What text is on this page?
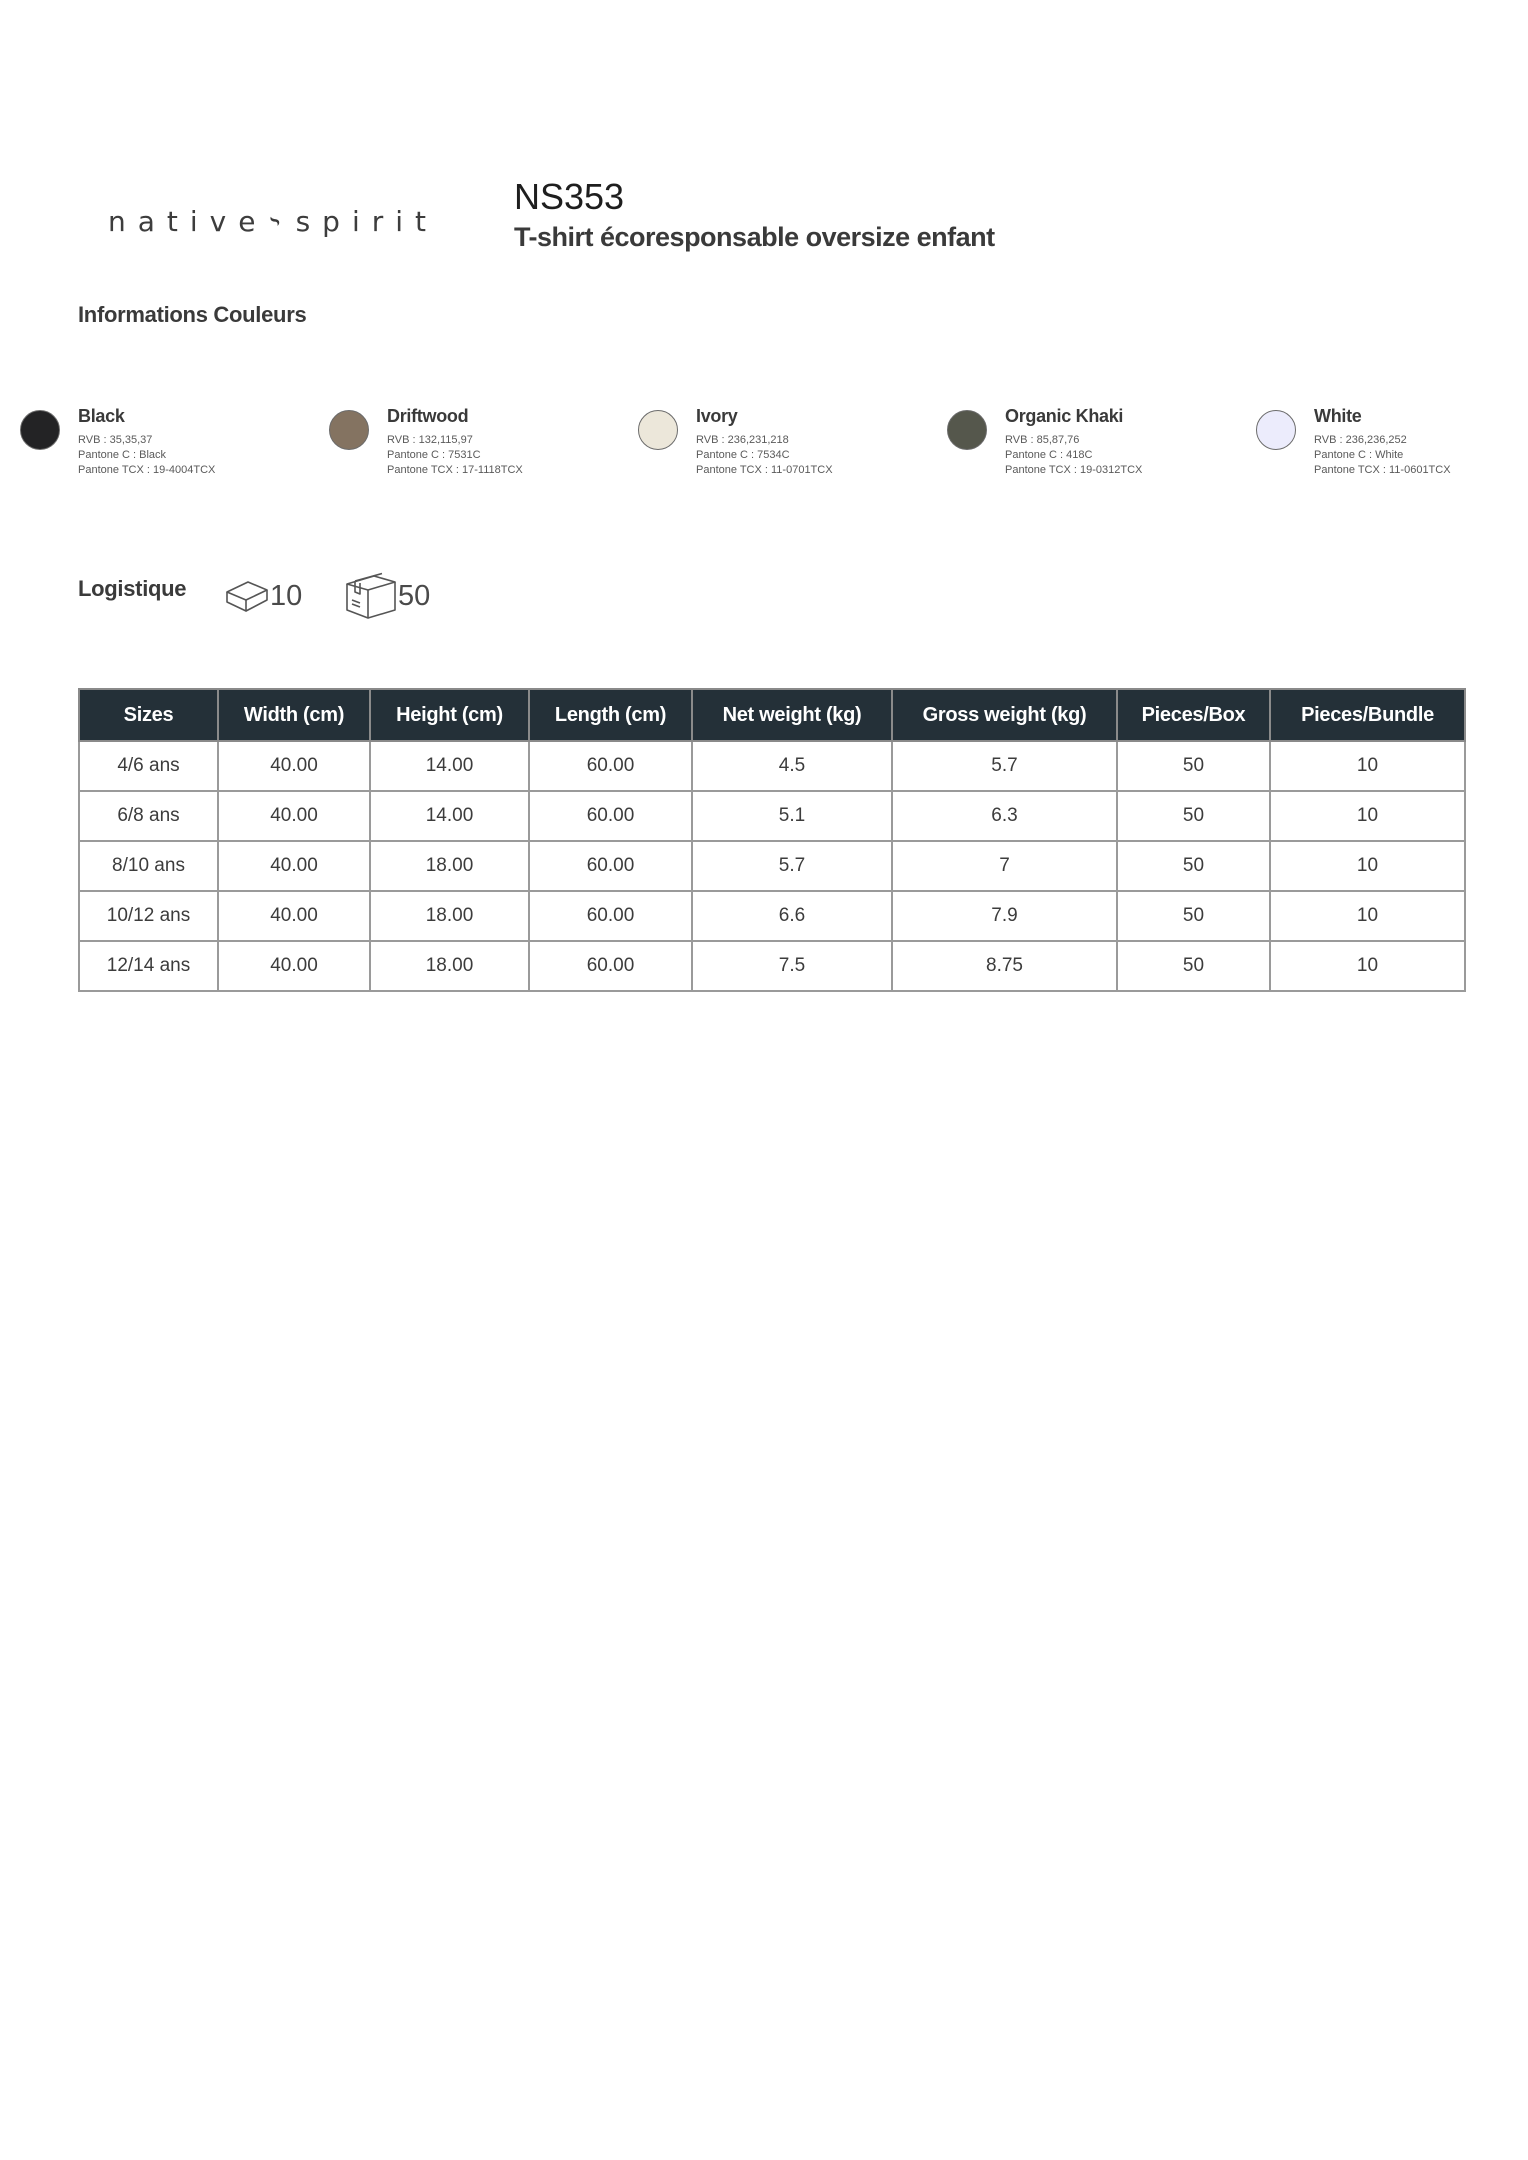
native spirit
NS353
T-shirt écoresponsable oversize enfant
Informations Couleurs
Black
RVB : 35,35,37
Pantone C : Black
Pantone TCX : 19-4004TCX
Driftwood
RVB : 132,115,97
Pantone C : 7531C
Pantone TCX : 17-1118TCX
Ivory
RVB : 236,231,218
Pantone C : 7534C
Pantone TCX : 11-0701TCX
Organic Khaki
RVB : 85,87,76
Pantone C : 418C
Pantone TCX : 19-0312TCX
White
RVB : 236,236,252
Pantone C : White
Pantone TCX : 11-0601TCX
Logistique	10	50
Sizes	Width (cm)	Height (cm)	Length (cm)	Net weight (kg)	Gross weight (kg)	Pieces/Box	Pieces/Bundle
4/6 ans	40.00	14.00	60.00	4.5	5.7	50	10
6/8 ans	40.00	14.00	60.00	5.1	6.3	50	10
8/10 ans	40.00	18.00	60.00	5.7	7	50	10
10/12 ans	40.00	18.00	60.00	6.6	7.9	50	10
12/14 ans	40.00	18.00	60.00	7.5	8.75	50	10
